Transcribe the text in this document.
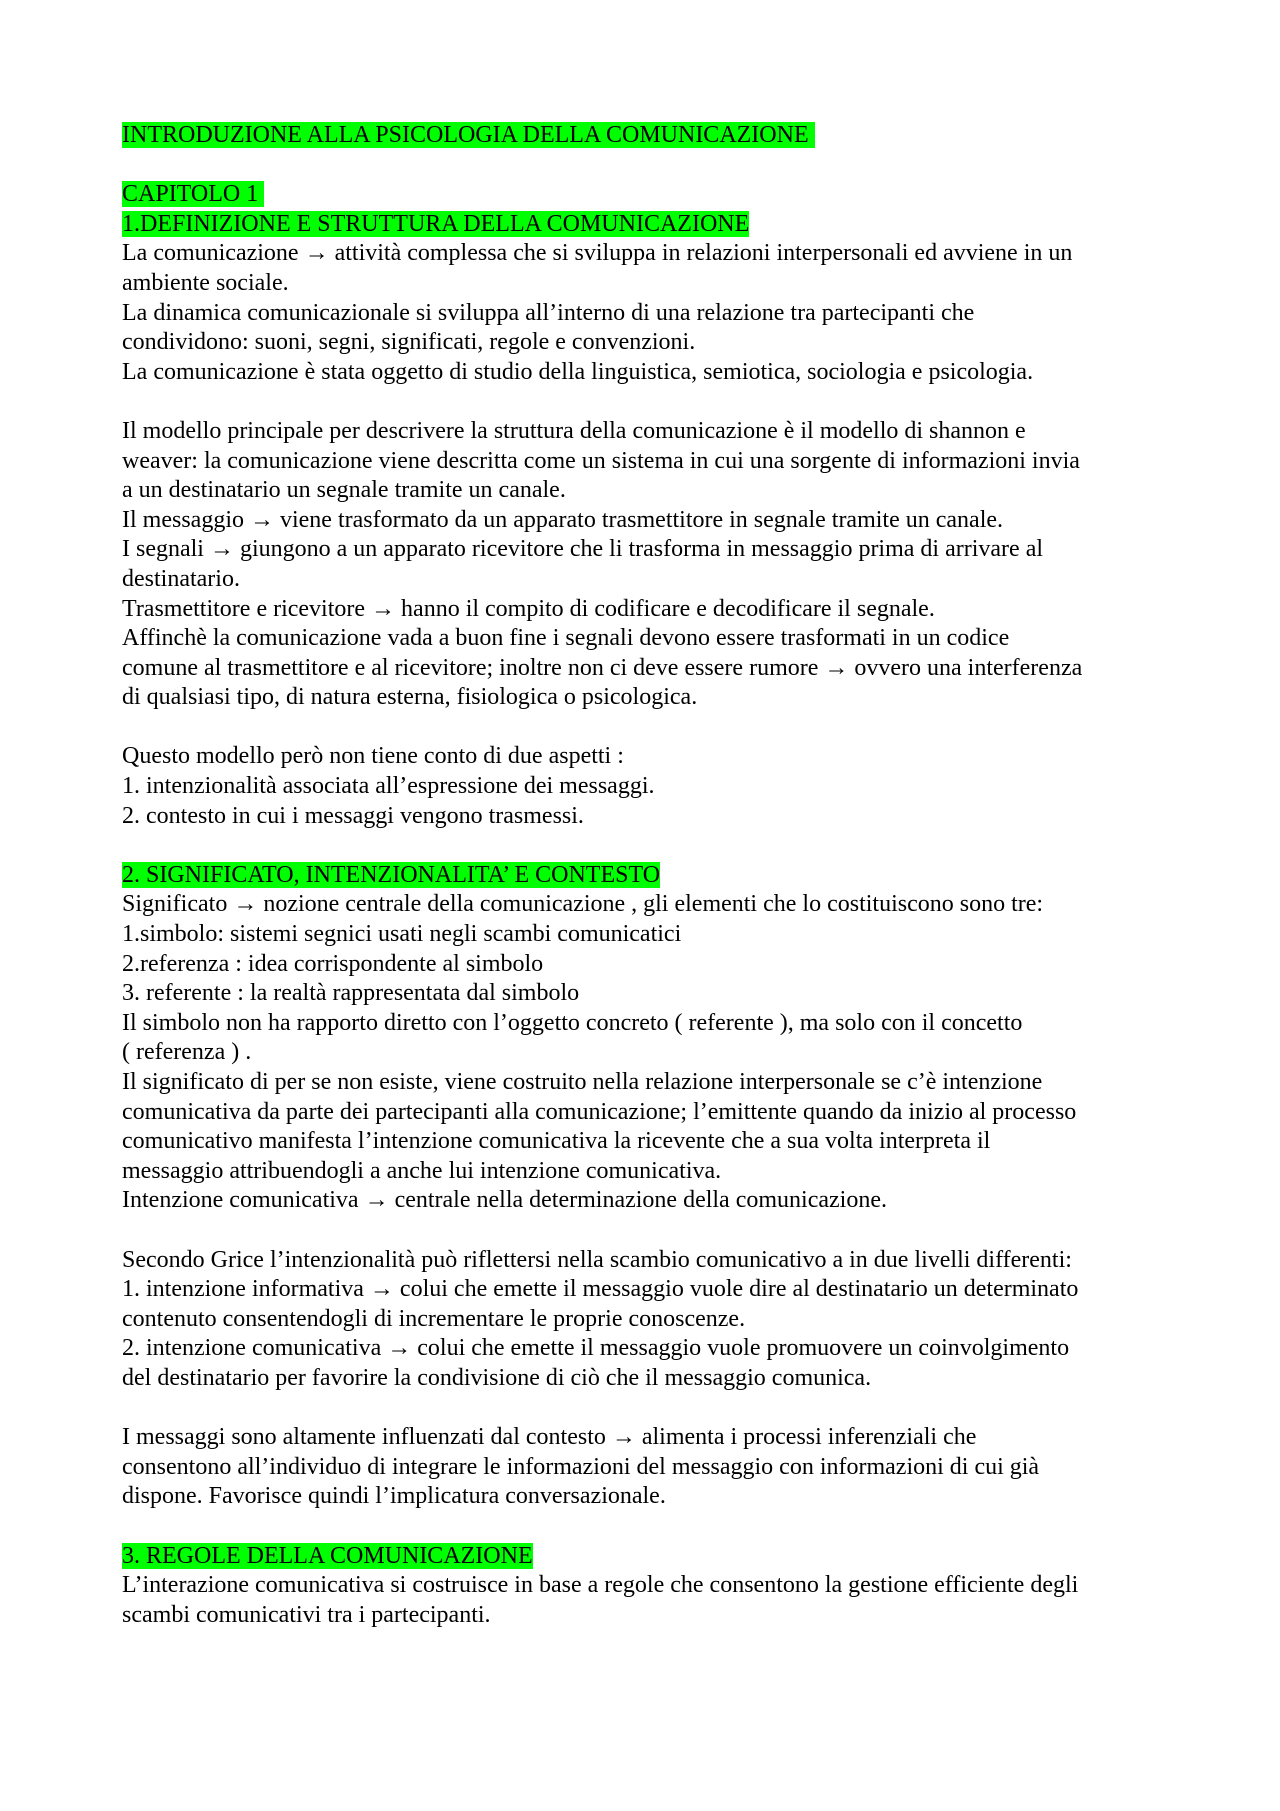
INTRODUZIONE ALLA PSICOLOGIA DELLA COMUNICAZIONE
CAPITOLO 1
1.DEFINIZIONE E STRUTTURA DELLA COMUNICAZIONE
La comunicazione → attività complessa che si sviluppa in relazioni interpersonali ed avviene in un
ambiente sociale.
La dinamica comunicazionale si sviluppa all’interno di una relazione tra partecipanti che
condividono: suoni, segni, significati, regole e convenzioni.
La comunicazione è stata oggetto di studio della linguistica, semiotica, sociologia e psicologia.
Il modello principale per descrivere la struttura della comunicazione è il modello di shannon e
weaver: la comunicazione viene descritta come un sistema in cui una sorgente di informazioni invia
a un destinatario un segnale tramite un canale.
Il messaggio → viene trasformato da un apparato trasmettitore in segnale tramite un canale.
I segnali → giungono a un apparato ricevitore che li trasforma in messaggio prima di arrivare al
destinatario.
Trasmettitore e ricevitore → hanno il compito di codificare e decodificare il segnale.
Affinchè la comunicazione vada a buon fine i segnali devono essere trasformati in un codice
comune al trasmettitore e al ricevitore; inoltre non ci deve essere rumore → ovvero una interferenza
di qualsiasi tipo, di natura esterna, fisiologica o psicologica.
Questo modello però non tiene conto di due aspetti :
1. intenzionalità associata all’espressione dei messaggi.
2. contesto in cui i messaggi vengono trasmessi.
2. SIGNIFICATO, INTENZIONALITA’ E CONTESTO
Significato → nozione centrale della comunicazione , gli elementi che lo costituiscono sono tre:
1.simbolo: sistemi segnici usati negli scambi comunicatici
2.referenza : idea corrispondente al simbolo
3. referente : la realtà rappresentata dal simbolo
Il simbolo non ha rapporto diretto con l’oggetto concreto ( referente ), ma solo con il concetto
( referenza ) .
Il significato di per se non esiste, viene costruito nella relazione interpersonale se c’è intenzione
comunicativa da parte dei partecipanti alla comunicazione; l’emittente quando da inizio al processo
comunicativo manifesta l’intenzione comunicativa la ricevente che a sua volta interpreta il
messaggio attribuendogli a anche lui intenzione comunicativa.
Intenzione comunicativa → centrale nella determinazione della comunicazione.
Secondo Grice l’intenzionalità può riflettersi nella scambio comunicativo a in due livelli differenti:
1. intenzione informativa → colui che emette il messaggio vuole dire al destinatario un determinato
contenuto consentendogli di incrementare le proprie conoscenze.
2. intenzione comunicativa → colui che emette il messaggio vuole promuovere un coinvolgimento
del destinatario per favorire la condivisione di ciò che il messaggio comunica.
I messaggi sono altamente influenzati dal contesto → alimenta i processi inferenziali che
consentono all’individuo di integrare le informazioni del messaggio con informazioni di cui già
dispone. Favorisce quindi l’implicatura conversazionale.
3. REGOLE DELLA COMUNICAZIONE
L’interazione comunicativa si costruisce in base a regole che consentono la gestione efficiente degli
scambi comunicativi tra i partecipanti.
